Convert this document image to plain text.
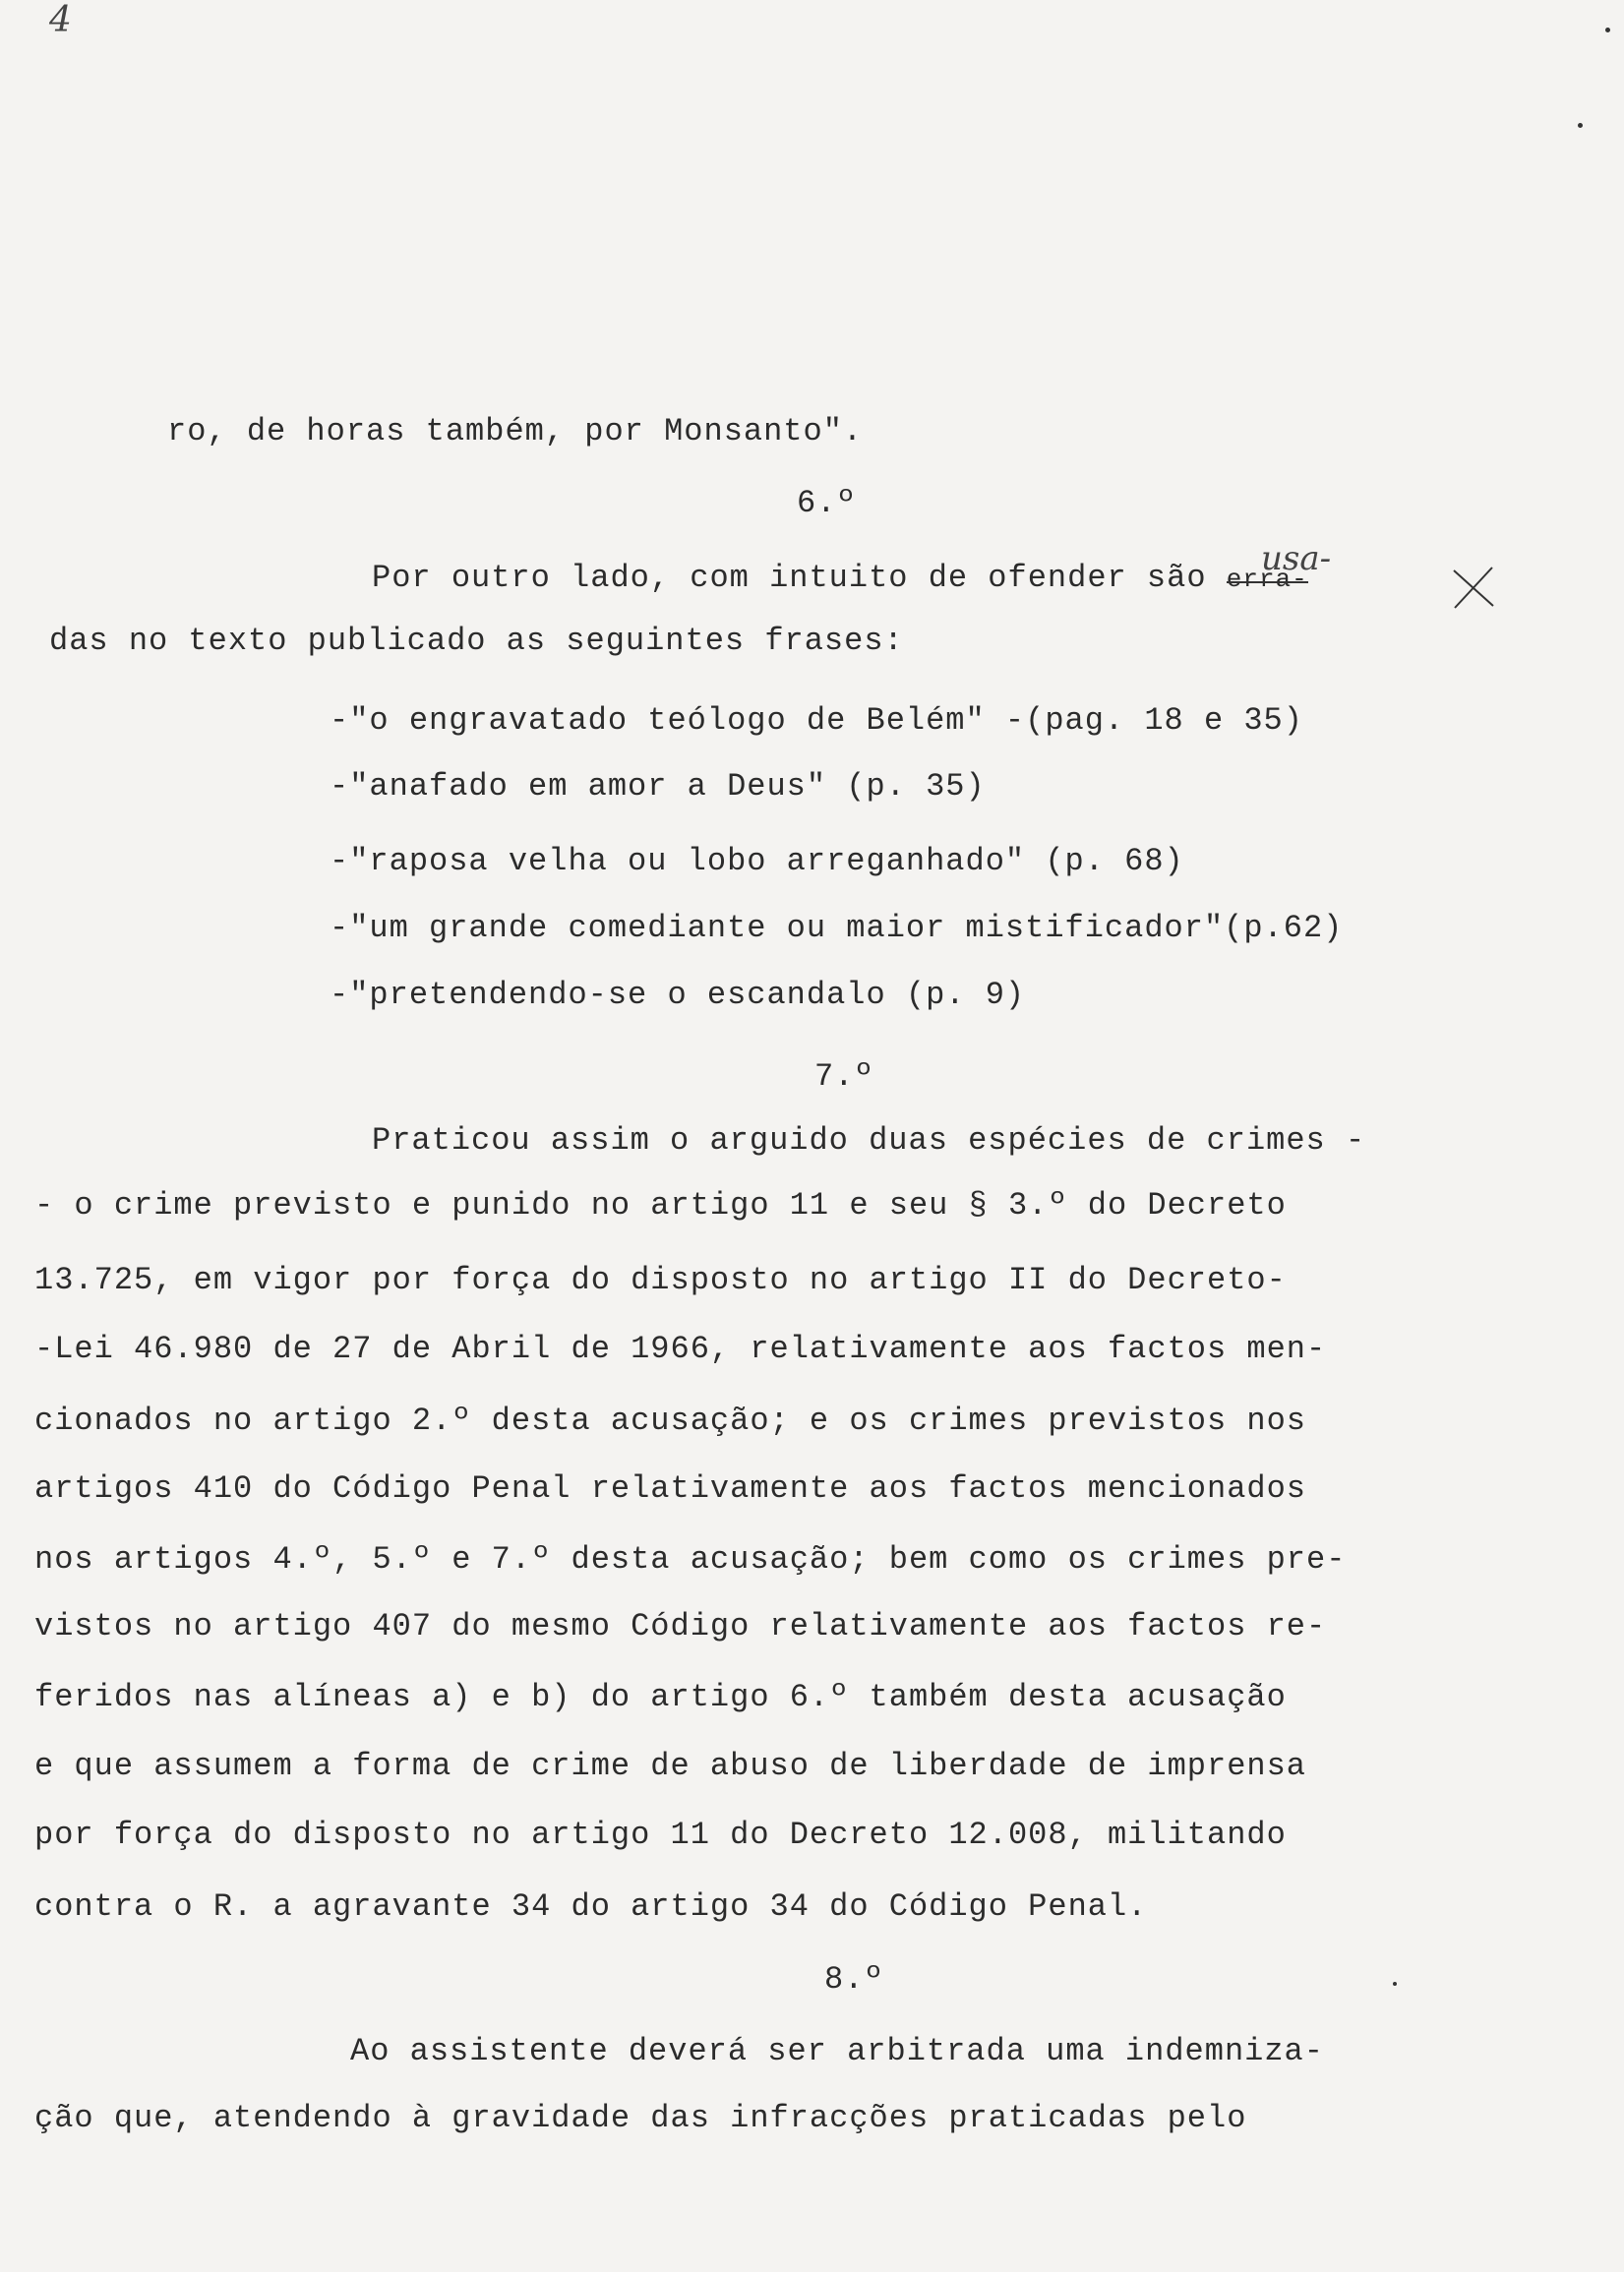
4
ro, de horas também, por Monsanto".
6.º
Por outro lado, com intuito de ofender são erra-
usa-
das no texto publicado as seguintes frases:
-"o engravatado teólogo de Belém" -(pag. 18 e 35)
-"anafado em amor a Deus" (p. 35)
-"raposa velha ou lobo arreganhado" (p. 68)
-"um grande comediante ou maior mistificador"(p.62)
-"pretendendo-se o escandalo (p. 9)
7.º
Praticou assim o arguido duas espécies de crimes -
- o crime previsto e punido no artigo 11 e seu § 3.º do Decreto
13.725, em vigor por força do disposto no artigo II do Decreto-
-Lei 46.980 de 27 de Abril de 1966, relativamente aos factos men-
cionados no artigo 2.º desta acusação; e os crimes previstos nos
artigos 410 do Código Penal relativamente aos factos mencionados
nos artigos 4.º, 5.º e 7.º desta acusação; bem como os crimes pre-
vistos no artigo 407 do mesmo Código relativamente aos factos re-
feridos nas alíneas a) e b) do artigo 6.º também desta acusação
e que assumem a forma de crime de abuso de liberdade de imprensa
por força do disposto no artigo 11 do Decreto 12.008, militando
contra o R. a agravante 34 do artigo 34 do Código Penal.
8.º
Ao assistente deverá ser arbitrada uma indemniza-
ção que, atendendo à gravidade das infracções praticadas pelo
